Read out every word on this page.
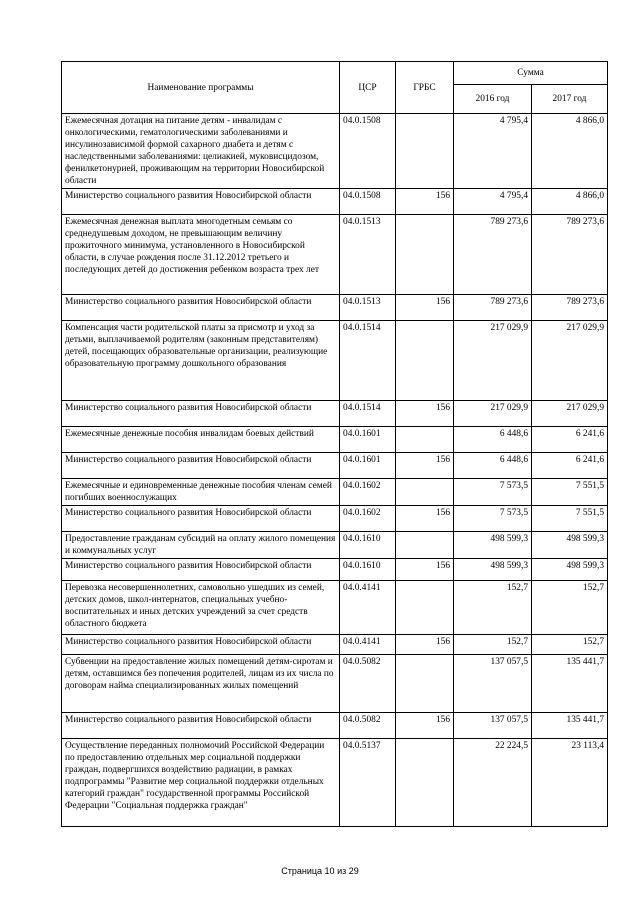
Наименование программы	ЦСР	ГРБС	Сумма	
			2016 год	2017 год
Ежемесячная дотация на питание детям - инвалидам с онкологическими, гематологическими заболеваниями и инсулинозависимой формой сахарного диабета и детям с наследственными заболеваниями: целиакией, муковисцидозом, фенилкетонурией, проживающим на территории Новосибирской области	04.0.1508		4 795,4	4 866,0
Министерство социального развития Новосибирской области	04.0.1508	156	4 795,4	4 866,0
Ежемесячная денежная выплата многодетным семьям со среднедушевым доходом, не превышающим величину прожиточного минимума, установленного в Новосибирской области, в случае рождения после 31.12.2012 третьего и последующих детей до достижения ребенком возраста трех лет	04.0.1513		789 273,6	789 273,6
Министерство социального развития Новосибирской области	04.0.1513	156	789 273,6	789 273,6
Компенсация части родительской платы за присмотр и уход за детьми, выплачиваемой родителям (законным представителям) детей, посещающих образовательные организации, реализующие образовательную программу дошкольного образования	04.0.1514		217 029,9	217 029,9
Министерство социального развития Новосибирской области	04.0.1514	156	217 029,9	217 029,9
Ежемесячные денежные пособия инвалидам боевых действий	04.0.1601		6 448,6	6 241,6
Министерство социального развития Новосибирской области	04.0.1601	156	6 448,6	6 241,6
Ежемесячные и единовременные денежные пособия членам семей погибших военнослужащих	04.0.1602		7 573,5	7 551,5
Министерство социального развития Новосибирской области	04.0.1602	156	7 573,5	7 551,5
Предоставление гражданам субсидий на оплату жилого помещения и коммунальных услуг	04.0.1610		498 599,3	498 599,3
Министерство социального развития Новосибирской области	04.0.1610	156	498 599,3	498 599,3
Перевозка несовершеннолетних, самовольно ушедших из семей, детских домов, школ-интернатов, специальных учебно-воспитательных и иных детских учреждений за счет средств областного бюджета	04.0.4141		152,7	152,7
Министерство социального развития Новосибирской области	04.0.4141	156	152,7	152,7
Субвенции на предоставление жилых помещений детям-сиротам и детям, оставшимся без попечения родителей, лицам из их числа по договорам найма специализированных жилых помещений	04.0.5082		137 057,5	135 441,7
Министерство социального развития Новосибирской области	04.0.5082	156	137 057,5	135 441,7
Осуществление переданных полномочий Российской Федерации по предоставлению отдельных мер социальной поддержки граждан, подвергшихся воздействию радиации, в рамках подпрограммы "Развитие мер социальной поддержки отдельных категорий граждан" государственной программы Российской Федерации "Социальная поддержка граждан"	04.0.5137		22 224,5	23 113,4
Страница 10 из 29
